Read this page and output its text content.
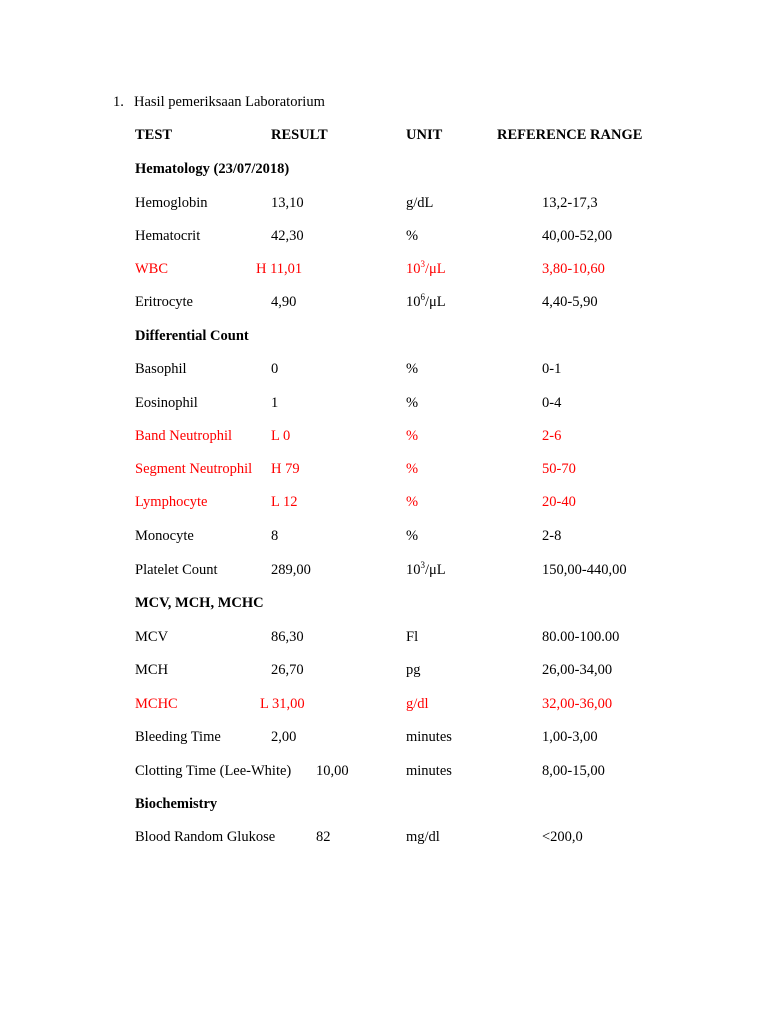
1. Hasil pemeriksaan Laboratorium
TEST	RESULT	UNIT	REFERENCE RANGE
Hematology (23/07/2018)
Hemoglobin	13,10	g/dL	13,2-17,3
Hematocrit	42,30	%	40,00-52,00
WBC	H 11,01	$10^3/\mu L$	3,80-10,60
Eritrocyte	4,90	$10^6/\mu L$	4,40-5,90
Differential Count
Basophil	0	%	0-1
Eosinophil	1	%	0-4
Band Neutrophil	L 0	%	2-6
Segment Neutrophil H 79	%	50-70
Lymphocyte	L 12	%	20-40
Monocyte	8	%	2-8
Platelet Count	289,00	$10^3/\mu L$	150,00-440,00
MCV, MCH, MCHC
MCV	86,30	Fl	80.00-100.00
MCH	26,70	pg	26,00-34,00
MCHC	L 31,00	g/dl	32,00-36,00
Bleeding Time	2,00	minutes	1,00-3,00
Clotting Time (Lee-White) 10,00	minutes	8,00-15,00
Biochemistry
Blood Random Glukose	82	mg/dl	<200,0
